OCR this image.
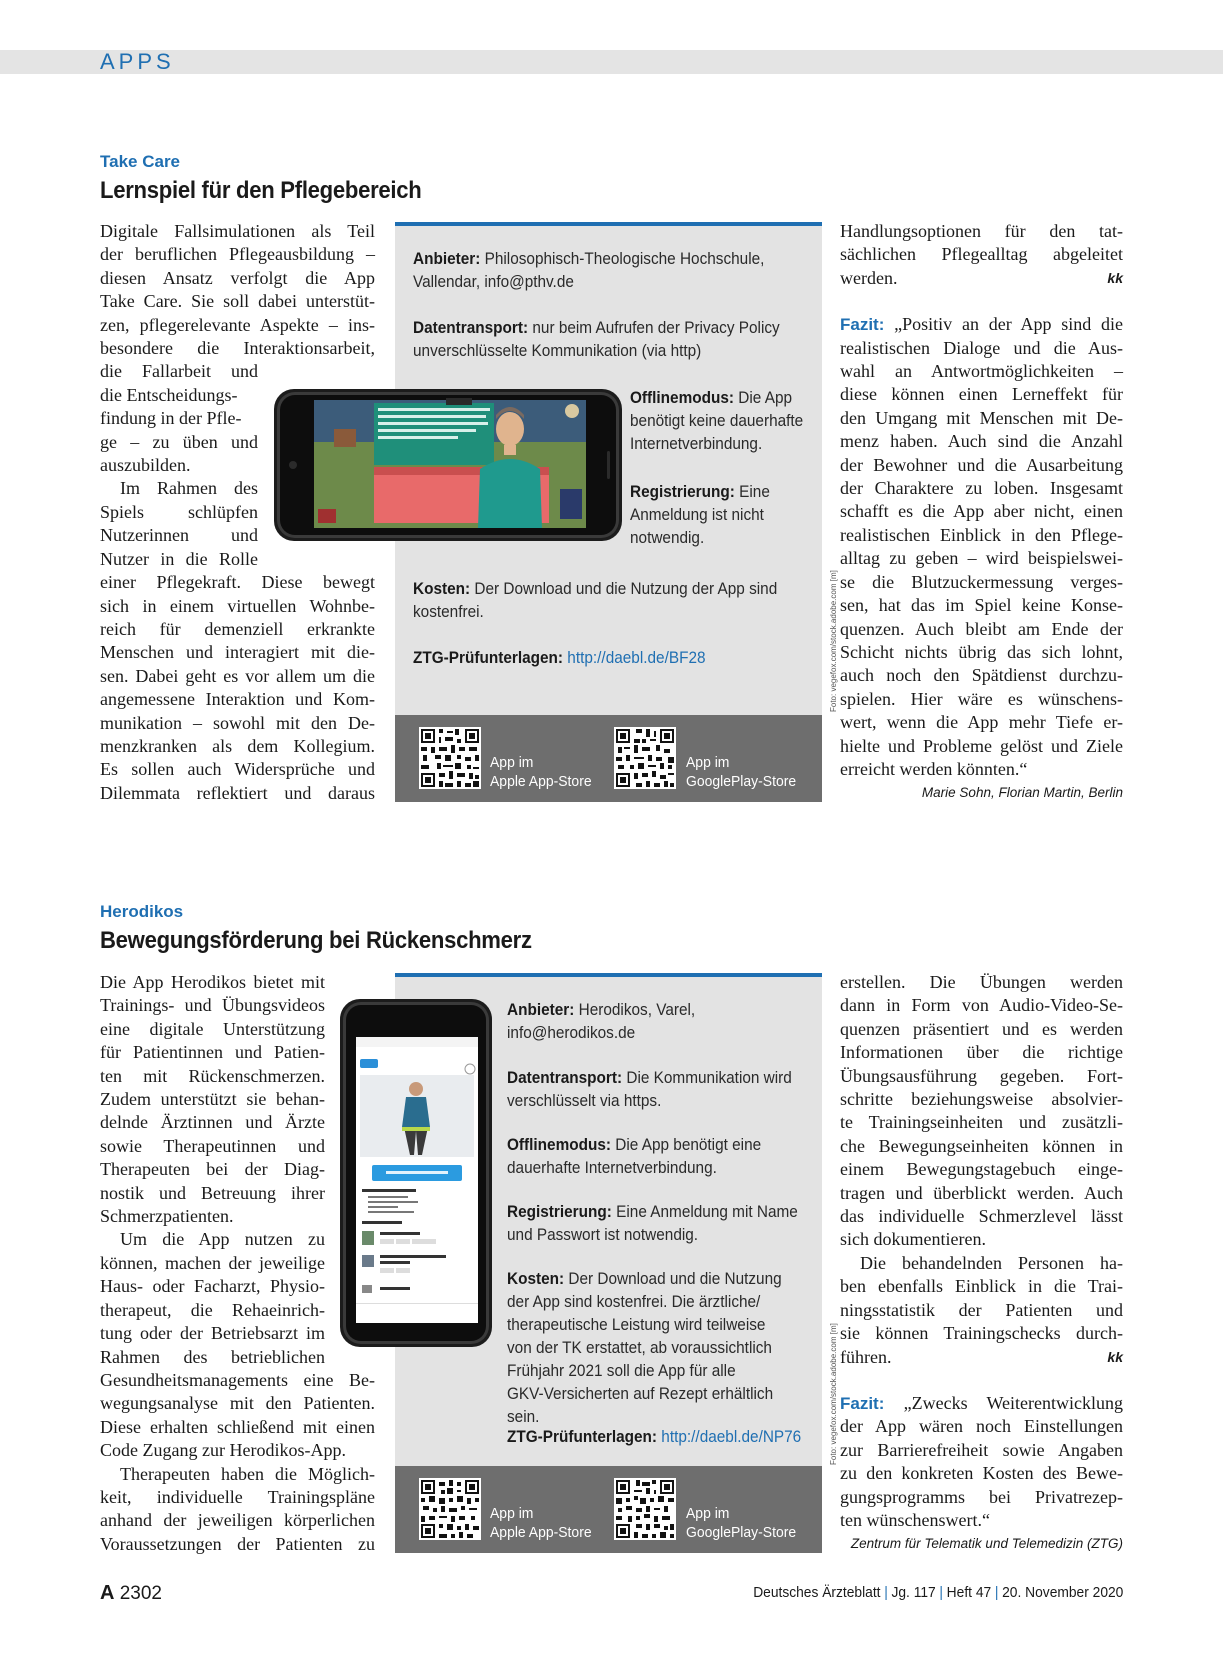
APPS
Take Care
Lernspiel für den Pflegebereich
Digitale Fallsimulationen als Teil
der beruflichen Pflegeausbildung –
diesen Ansatz verfolgt die App
Take Care. Sie soll dabei unterstüt-
zen, pflegerelevante Aspekte – ins-
besondere die Interaktionsarbeit,
die Fallarbeit und
die Entscheidungs-
findung in der Pfle-
ge – zu üben und
auszubilden.
Im Rahmen des
Spiels schlüpfen
Nutzerinnen und
Nutzer in die Rolle
einer Pflegekraft. Diese bewegt
sich in einem virtuellen Wohnbe-
reich für demenziell erkrankte
Menschen und interagiert mit die-
sen. Dabei geht es vor allem um die
angemessene Interaktion und Kom-
munikation – sowohl mit den De-
menzkranken als dem Kollegium.
Es sollen auch Widersprüche und
Dilemmata reflektiert und daraus
Anbieter: Philosophisch-Theologische Hochschule,
Vallendar, info@pthv.de
Datentransport: nur beim Aufrufen der Privacy Policy
unverschlüsselte Kommunikation (via http)
Offlinemodus: Die App
benötigt keine dauerhafte
Internetverbindung.
Registrierung: Eine
Anmeldung ist nicht
notwendig.
Kosten: Der Download und die Nutzung der App sind
kostenfrei.
ZTG-Prüfunterlagen: http://daebl.de/BF28
App im
Apple App-Store
App im
GooglePlay-Store
Handlungsoptionen für den tat-
sächlichen Pflegealltag abgeleitet
werden.	kk
Fazit: „Positiv an der App sind die
realistischen Dialoge und die Aus-
wahl an Antwortmöglichkeiten –
diese können einen Lerneffekt für
den Umgang mit Menschen mit De-
menz haben. Auch sind die Anzahl
der Bewohner und die Ausarbeitung
der Charaktere zu loben. Insgesamt
schafft es die App aber nicht, einen
realistischen Einblick in den Pflege-
alltag zu geben – wird beispielswei-
se die Blutzuckermessung verges-
sen, hat das im Spiel keine Konse-
quenzen. Auch bleibt am Ende der
Schicht nichts übrig das sich lohnt,
auch noch den Spätdienst durchzu-
spielen. Hier wäre es wünschens-
wert, wenn die App mehr Tiefe er-
hielte und Probleme gelöst und Ziele
erreicht werden könnten.“
Marie Sohn, Florian Martin, Berlin
Foto: vegefox.com/stock.adobe.com [m]
Herodikos
Bewegungsförderung bei Rückenschmerz
Die App Herodikos bietet mit
Trainings- und Übungsvideos
eine digitale Unterstützung
für Patientinnen und Patien-
ten mit Rückenschmerzen.
Zudem unterstützt sie behan-
delnde Ärztinnen und Ärzte
sowie Therapeutinnen und
Therapeuten bei der Diag-
nostik und Betreuung ihrer
Schmerzpatienten.
Um die App nutzen zu
können, machen der jeweilige
Haus- oder Facharzt, Physio-
therapeut, die Rehaeinrich-
tung oder der Betriebsarzt im
Rahmen des betrieblichen
Gesundheitsmanagements eine Be-
wegungsanalyse mit den Patienten.
Diese erhalten schließend mit einen
Code Zugang zur Herodikos-App.
Therapeuten haben die Möglich-
keit, individuelle Trainingspläne
anhand der jeweiligen körperlichen
Voraussetzungen der Patienten zu
Anbieter: Herodikos, Varel,
info@herodikos.de
Datentransport: Die Kommunikation wird
verschlüsselt via https.
Offlinemodus: Die App benötigt eine
dauerhafte Internetverbindung.
Registrierung: Eine Anmeldung mit Name
und Passwort ist notwendig.
Kosten: Der Download und die Nutzung
der App sind kostenfrei. Die ärztliche/
therapeutische Leistung wird teilweise
von der TK erstattet, ab voraussichtlich
Frühjahr 2021 soll die App für alle
GKV-Versicherten auf Rezept erhältlich sein.
ZTG-Prüfunterlagen: http://daebl.de/NP76
App im
Apple App-Store
App im
GooglePlay-Store
erstellen. Die Übungen werden
dann in Form von Audio-Video-Se-
quenzen präsentiert und es werden
Informationen über die richtige
Übungsausführung gegeben. Fort-
schritte beziehungsweise absolvier-
te Trainingseinheiten und zusätzli-
che Bewegungseinheiten können in
einem Bewegungstagebuch einge-
tragen und überblickt werden. Auch
das individuelle Schmerzlevel lässt
sich dokumentieren.
Die behandelnden Personen ha-
ben ebenfalls Einblick in die Trai-
ningsstatistik der Patienten und
sie können Trainingschecks durch-
führen.	kk
Fazit: „Zwecks Weiterentwicklung
der App wären noch Einstellungen
zur Barrierefreiheit sowie Angaben
zu den konkreten Kosten des Bewe-
gungsprogramms bei Privatrezep-
ten wünschenswert.“
Zentrum für Telematik und Telemedizin (ZTG)
Foto: vegefox.com/stock.adobe.com [m]
A 2302	Deutsches Ärzteblatt | Jg. 117 | Heft 47 | 20. November 2020
